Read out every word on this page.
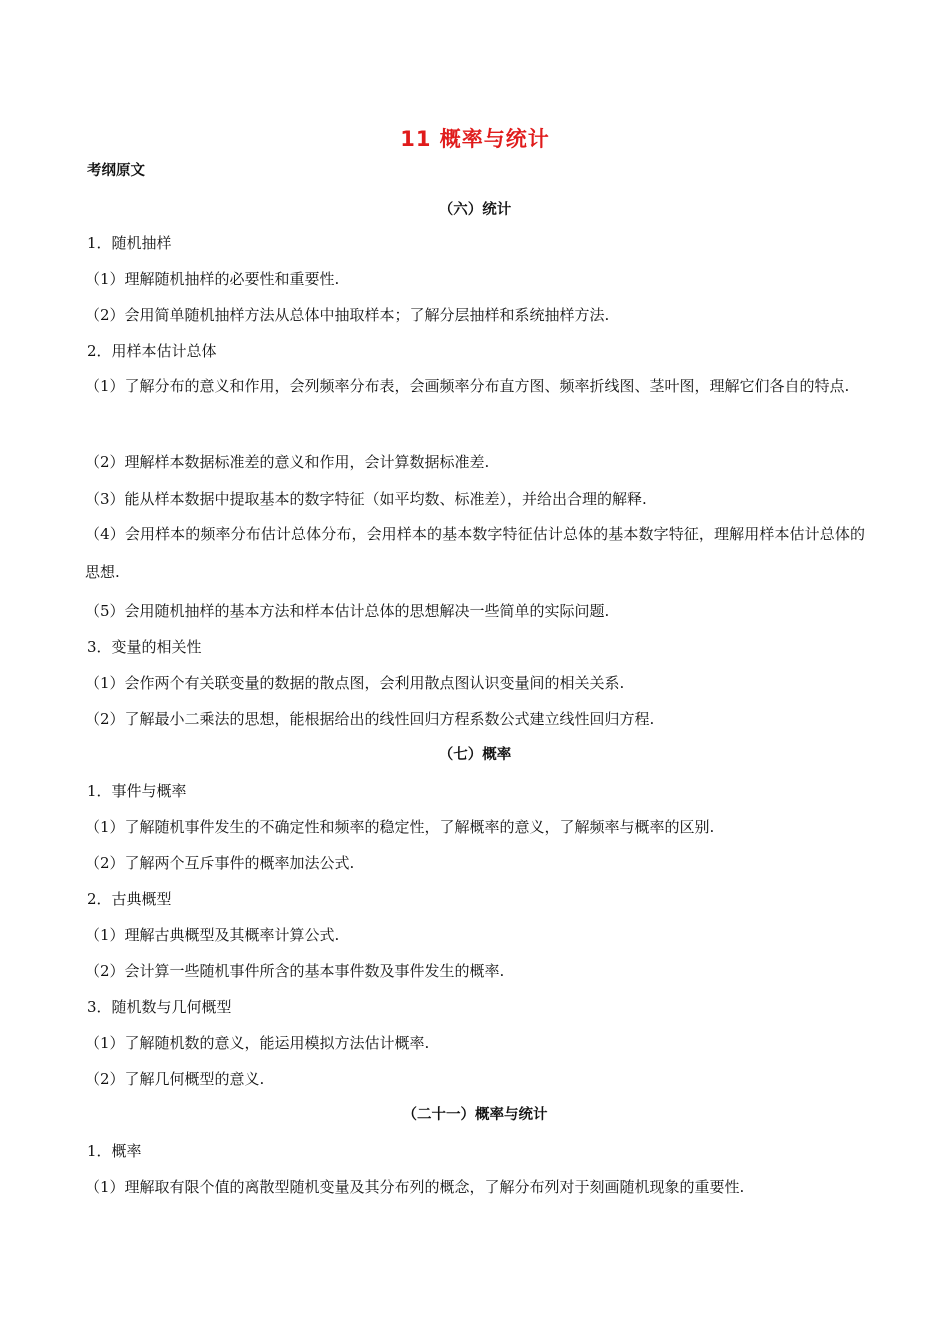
11 概率与统计
考纲原文
（六）统计
1．随机抽样
（1）理解随机抽样的必要性和重要性.
（2）会用简单随机抽样方法从总体中抽取样本；了解分层抽样和系统抽样方法.
2．用样本估计总体
（1）了解分布的意义和作用，会列频率分布表，会画频率分布直方图、频率折线图、茎叶图，理解它们各自的特点.
（2）理解样本数据标准差的意义和作用，会计算数据标准差.
（3）能从样本数据中提取基本的数字特征（如平均数、标准差），并给出合理的解释.
（4）会用样本的频率分布估计总体分布，会用样本的基本数字特征估计总体的基本数字特征，理解用样本估计总体的思想.
（5）会用随机抽样的基本方法和样本估计总体的思想解决一些简单的实际问题.
3．变量的相关性
（1）会作两个有关联变量的数据的散点图，会利用散点图认识变量间的相关关系.
（2）了解最小二乘法的思想，能根据给出的线性回归方程系数公式建立线性回归方程.
（七）概率
1．事件与概率
（1）了解随机事件发生的不确定性和频率的稳定性，了解概率的意义，了解频率与概率的区别.
（2）了解两个互斥事件的概率加法公式.
2．古典概型
（1）理解古典概型及其概率计算公式.
（2）会计算一些随机事件所含的基本事件数及事件发生的概率.
3．随机数与几何概型
（1）了解随机数的意义，能运用模拟方法估计概率.
（2）了解几何概型的意义.
（二十一）概率与统计
1．概率
（1）理解取有限个值的离散型随机变量及其分布列的概念，了解分布列对于刻画随机现象的重要性.
